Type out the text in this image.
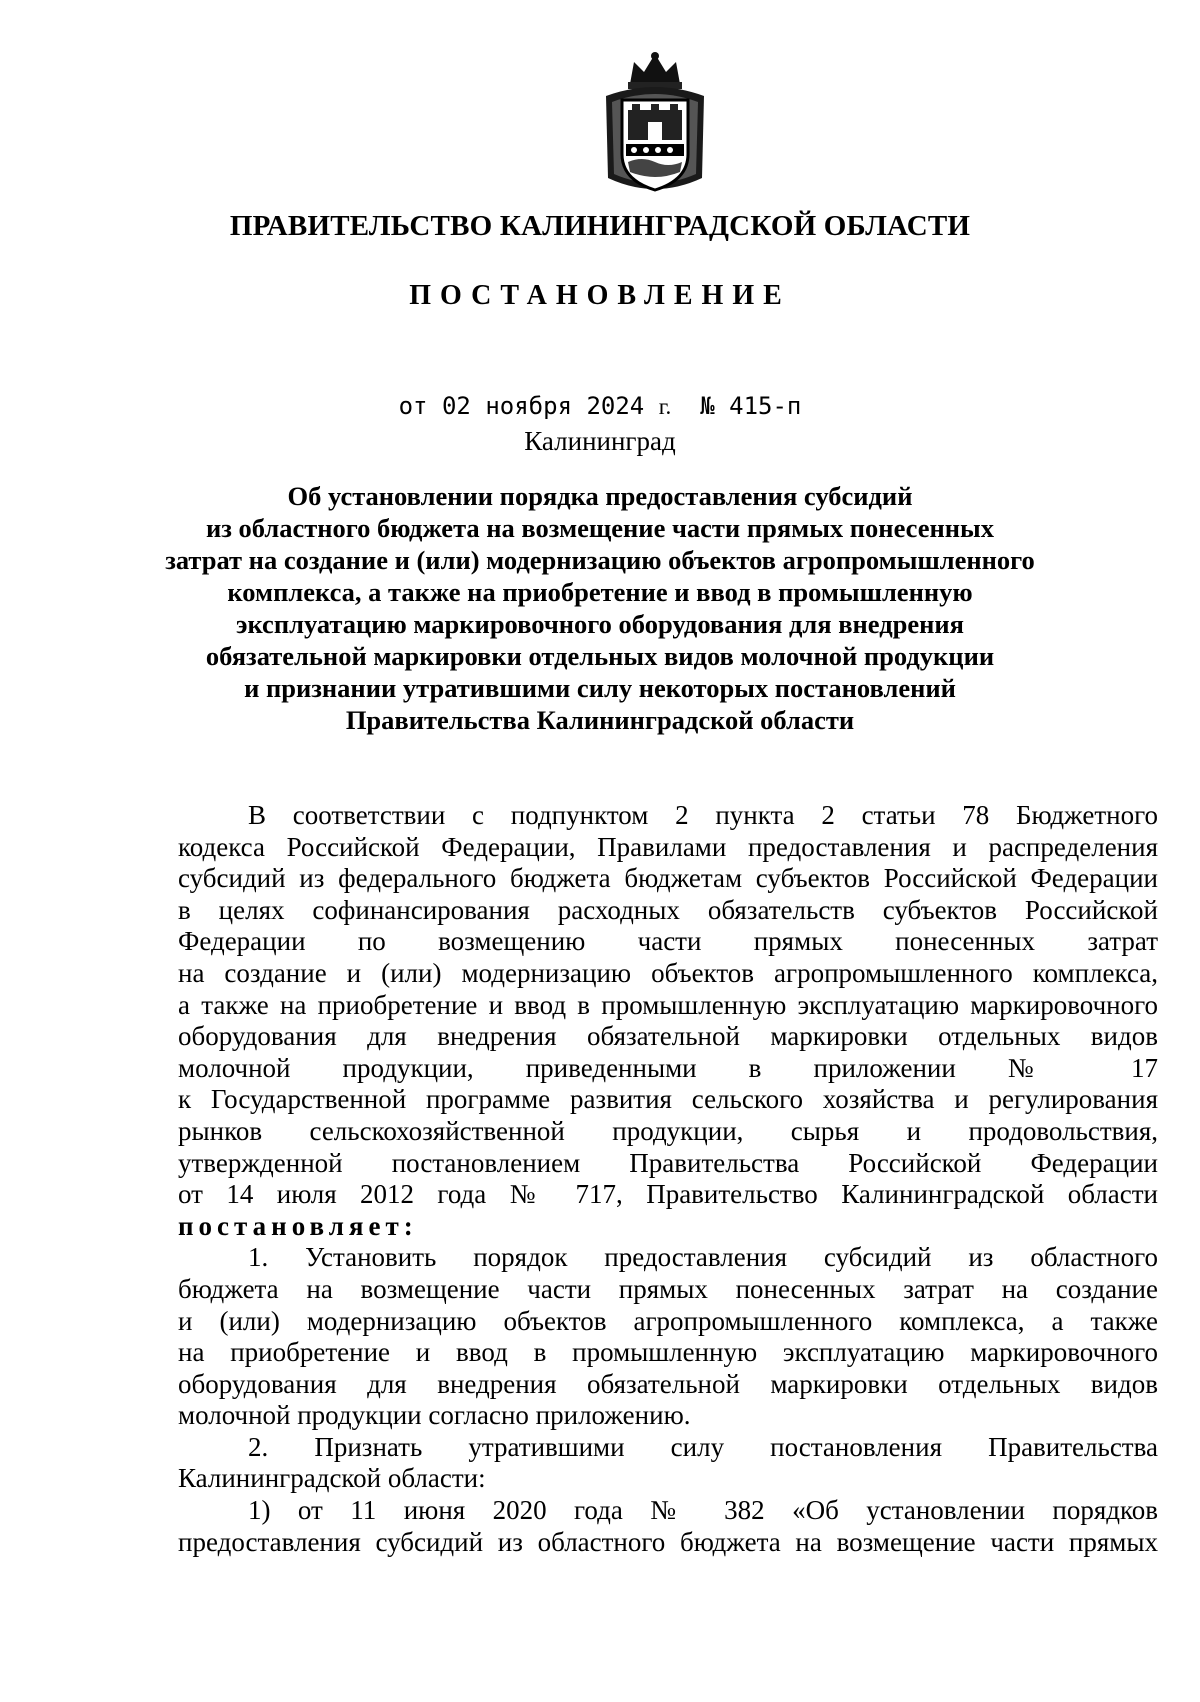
ПРАВИТЕЛЬСТВО КАЛИНИНГРАДСКОЙ ОБЛАСТИ
ПОСТАНОВЛЕНИЕ
от 02 ноября 2024 г. № 415-п
Калининград
Об установлении порядка предоставления субсидий
из областного бюджета на возмещение части прямых понесенных
затрат на создание и (или) модернизацию объектов агропромышленного
комплекса, а также на приобретение и ввод в промышленную
эксплуатацию маркировочного оборудования для внедрения
обязательной маркировки отдельных видов молочной продукции
и признании утратившими силу некоторых постановлений
Правительства Калининградской области
В соответствии с подпунктом 2 пункта 2 статьи 78 Бюджетного
кодекса Российской Федерации, Правилами предоставления и распределения
субсидий из федерального бюджета бюджетам субъектов Российской Федерации
в целях софинансирования расходных обязательств субъектов Российской
Федерации по возмещению части прямых понесенных затрат
на создание и (или) модернизацию объектов агропромышленного комплекса,
а также на приобретение и ввод в промышленную эксплуатацию маркировочного
оборудования для внедрения обязательной маркировки отдельных видов
молочной продукции, приведенными в приложении № 17
к Государственной программе развития сельского хозяйства и регулирования
рынков сельскохозяйственной продукции, сырья и продовольствия,
утвержденной постановлением Правительства Российской Федерации
от 14 июля 2012 года № 717, Правительство Калининградской области
постановляет:
1. Установить порядок предоставления субсидий из областного
бюджета на возмещение части прямых понесенных затрат на создание
и (или) модернизацию объектов агропромышленного комплекса, а также
на приобретение и ввод в промышленную эксплуатацию маркировочного
оборудования для внедрения обязательной маркировки отдельных видов
молочной продукции согласно приложению.
2. Признать утратившими силу постановления Правительства
Калининградской области:
1) от 11 июня 2020 года № 382 «Об установлении порядков
предоставления субсидий из областного бюджета на возмещение части прямых
